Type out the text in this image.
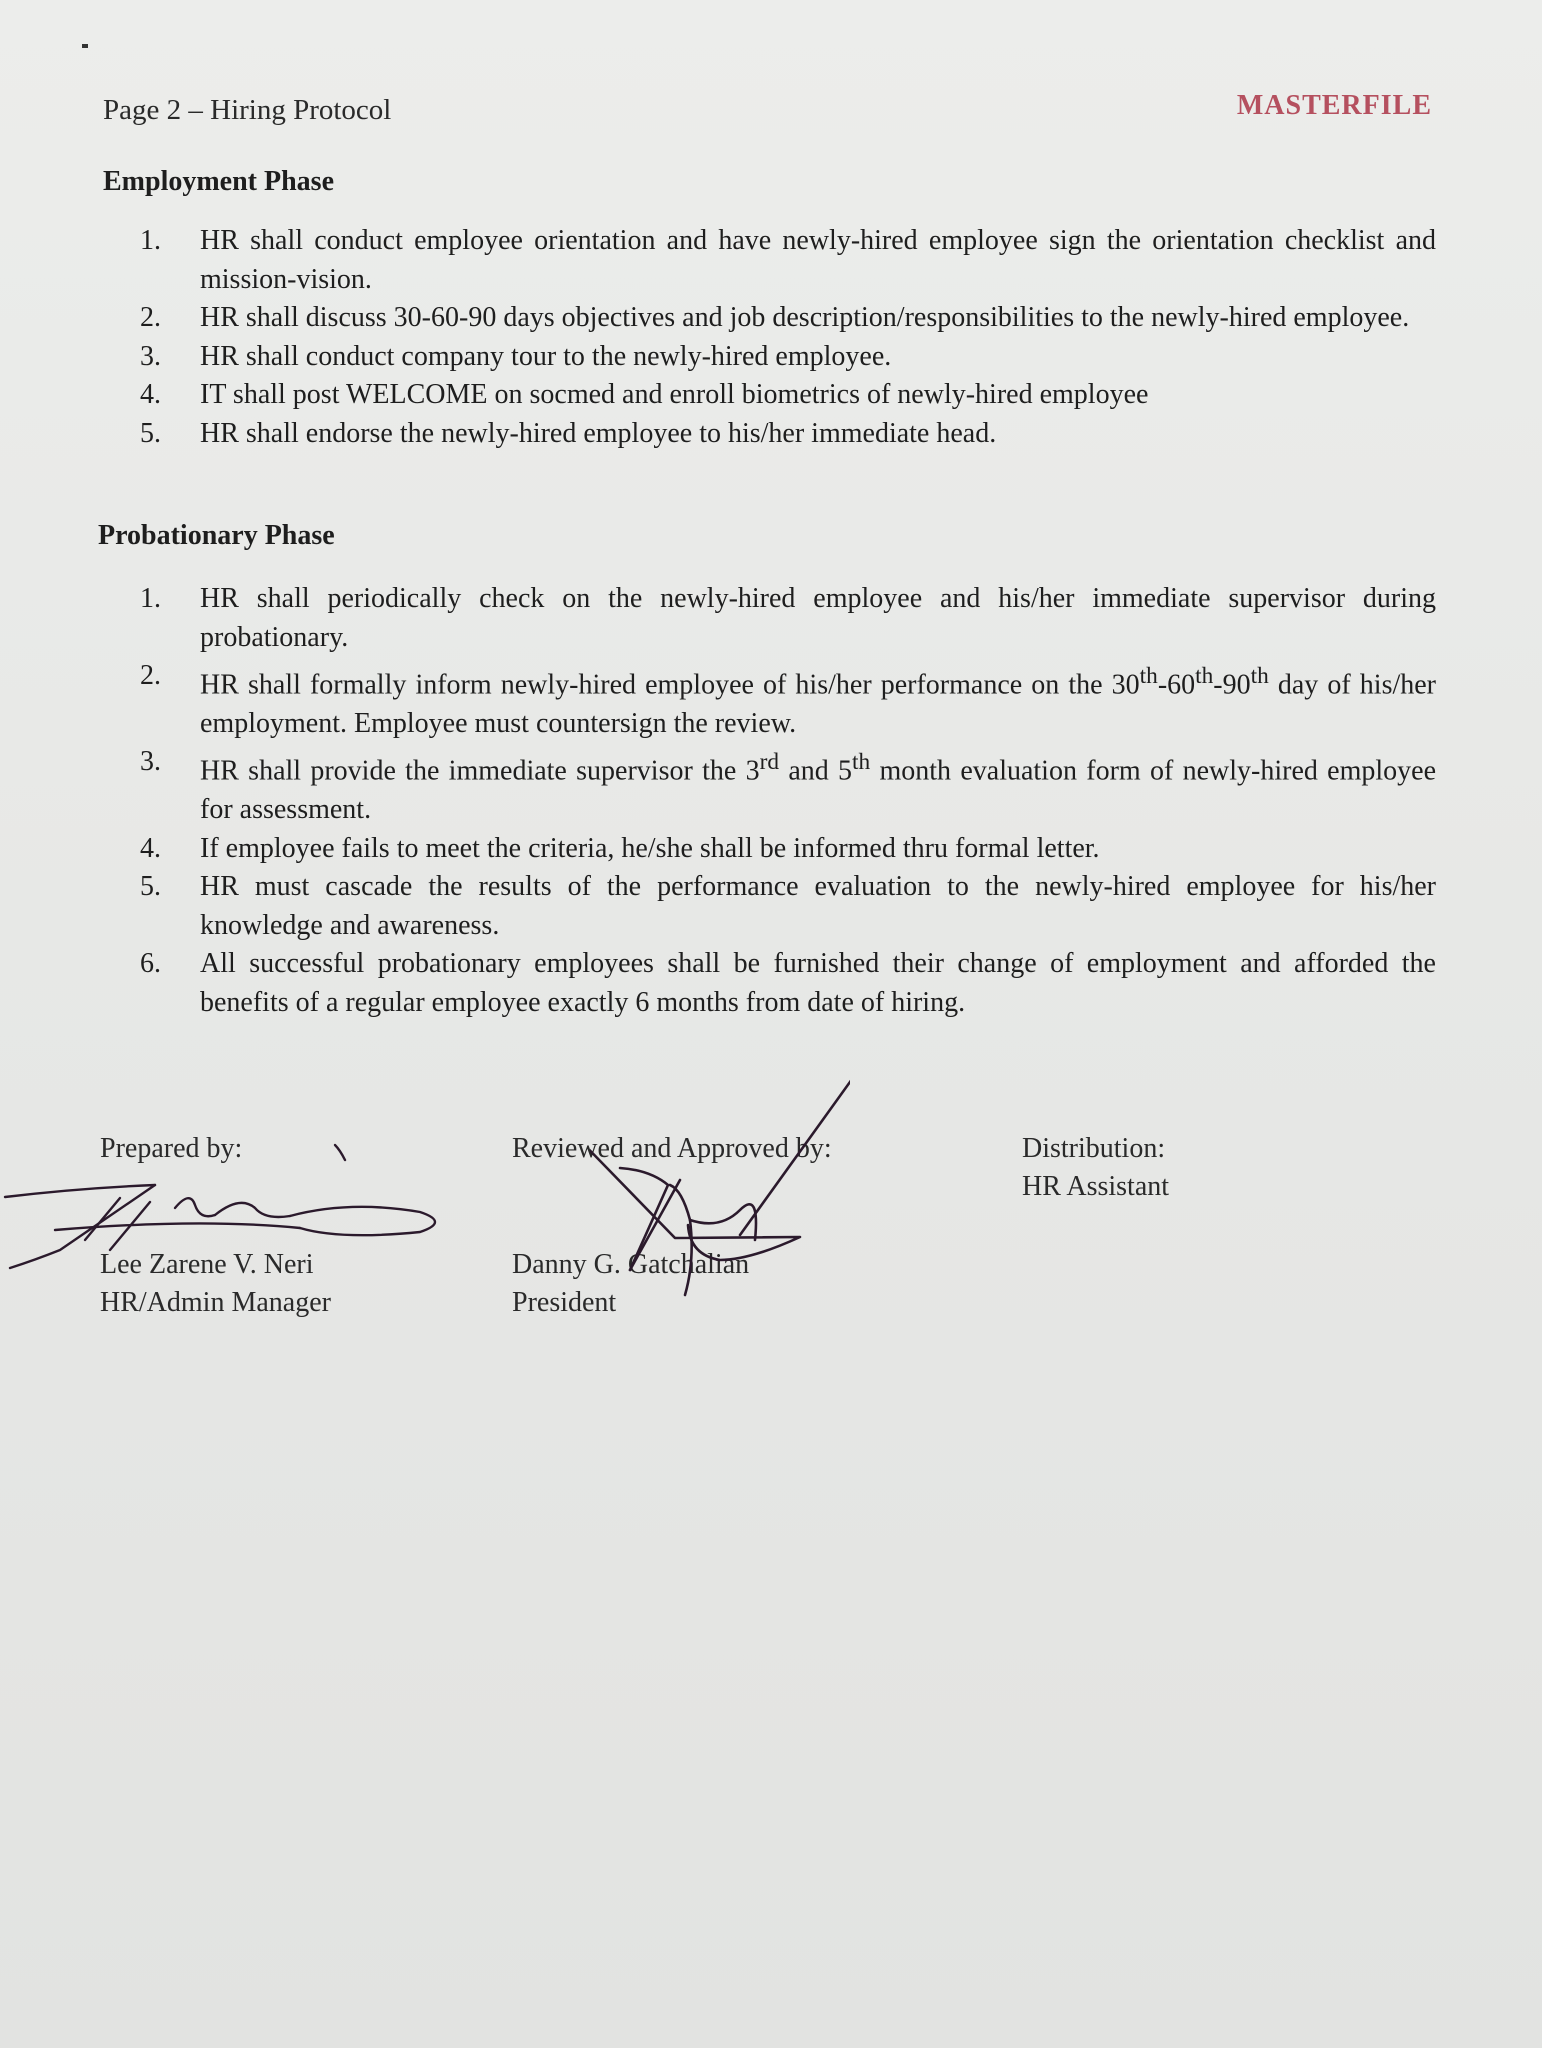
Page 2 – Hiring Protocol	MASTERFILE
Employment Phase
1.	HR shall conduct employee orientation and have newly-hired employee sign the orientation checklist and mission-vision.
2.	HR shall discuss 30-60-90 days objectives and job description/responsibilities to the newly-hired employee.
3.	HR shall conduct company tour to the newly-hired employee.
4.	IT shall post WELCOME on socmed and enroll biometrics of newly-hired employee
5.	HR shall endorse the newly-hired employee to his/her immediate head.
Probationary Phase
1.	HR shall periodically check on the newly-hired employee and his/her immediate supervisor during probationary.
2.	HR shall formally inform newly-hired employee of his/her performance on the 30th-60th-90th day of his/her employment. Employee must countersign the review.
3.	HR shall provide the immediate supervisor the 3rd and 5th month evaluation form of newly-hired employee for assessment.
4.	If employee fails to meet the criteria, he/she shall be informed thru formal letter.
5.	HR must cascade the results of the performance evaluation to the newly-hired employee for his/her knowledge and awareness.
6.	All successful probationary employees shall be furnished their change of employment and afforded the benefits of a regular employee exactly 6 months from date of hiring.
Prepared by:
Lee Zarene V. Neri
HR/Admin Manager
Reviewed and Approved by:
Danny G. Gatchalian
President
Distribution:
HR Assistant
